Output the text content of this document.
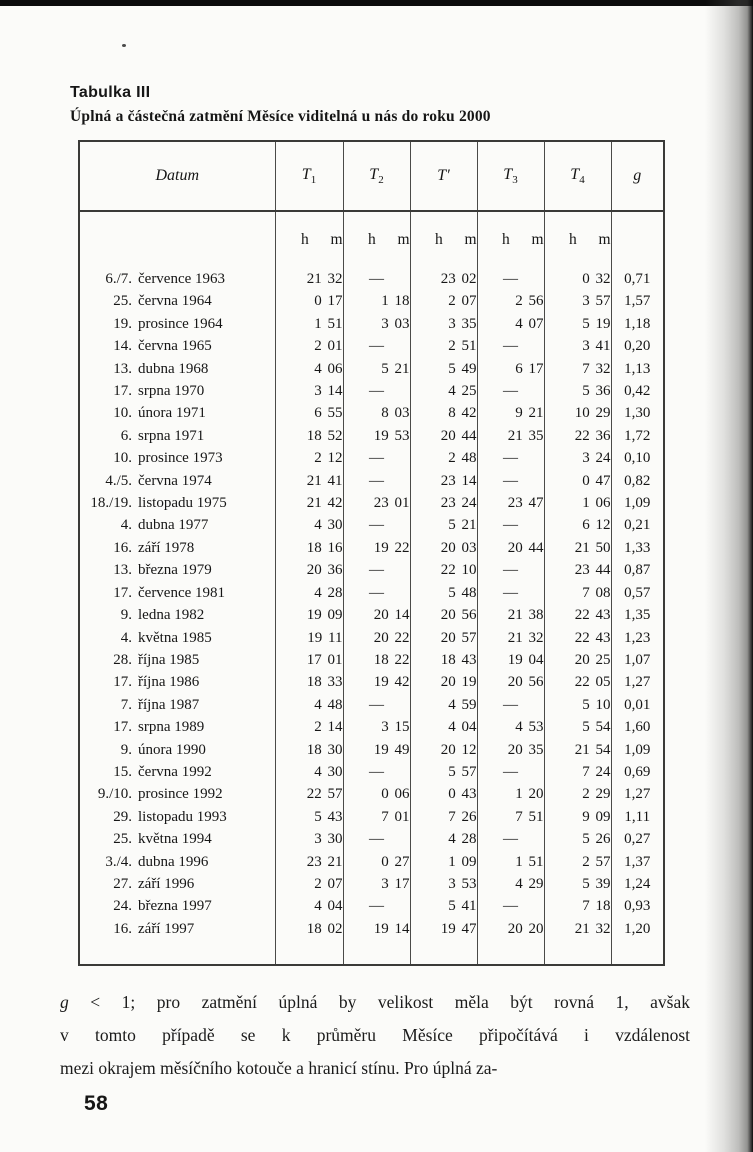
Tabulka III
Úplná a částečná zatmění Měsíce viditelná u nás do roku 2000
Datum	$T_1$	$T_2$	T′	$T_3$	$T_4$	g
	h  m	h  m	h  m	h  m	h  m	
6./7. července 1963	21 32	—	23 02	—	0 32	0,71
25. června 1964	0 17	1 18	2 07	2 56	3 57	1,57
19. prosince 1964	1 51	3 03	3 35	4 07	5 19	1,18
14. června 1965	2 01	—	2 51	—	3 41	0,20
13. dubna 1968	4 06	5 21	5 49	6 17	7 32	1,13
17. srpna 1970	3 14	—	4 25	—	5 36	0,42
10. února 1971	6 55	8 03	8 42	9 21	10 29	1,30
6. srpna 1971	18 52	19 53	20 44	21 35	22 36	1,72
10. prosince 1973	2 12	—	2 48	—	3 24	0,10
4./5. června 1974	21 41	—	23 14	—	0 47	0,82
18./19. listopadu 1975	21 42	23 01	23 24	23 47	1 06	1,09
4. dubna 1977	4 30	—	5 21	—	6 12	0,21
16. září 1978	18 16	19 22	20 03	20 44	21 50	1,33
13. března 1979	20 36	—	22 10	—	23 44	0,87
17. července 1981	4 28	—	5 48	—	7 08	0,57
9. ledna 1982	19 09	20 14	20 56	21 38	22 43	1,35
4. května 1985	19 11	20 22	20 57	21 32	22 43	1,23
28. října 1985	17 01	18 22	18 43	19 04	20 25	1,07
17. října 1986	18 33	19 42	20 19	20 56	22 05	1,27
7. října 1987	4 48	—	4 59	—	5 10	0,01
17. srpna 1989	2 14	3 15	4 04	4 53	5 54	1,60
9. února 1990	18 30	19 49	20 12	20 35	21 54	1,09
15. června 1992	4 30	—	5 57	—	7 24	0,69
9./10. prosince 1992	22 57	0 06	0 43	1 20	2 29	1,27
29. listopadu 1993	5 43	7 01	7 26	7 51	9 09	1,11
25. května 1994	3 30	—	4 28	—	5 26	0,27
3./4. dubna 1996	23 21	0 27	1 09	1 51	2 57	1,37
27. září 1996	2 07	3 17	3 53	4 29	5 39	1,24
24. března 1997	4 04	—	5 41	—	7 18	0,93
16. září 1997	18 02	19 14	19 47	20 20	21 32	1,20

g < 1; pro zatmění úplná by velikost měla být rovná 1, avšak
v tomto případě se k průměru Měsíce připočítává i vzdálenost
mezi okrajem měsíčního kotouče a hranicí stínu. Pro úplná za-
58
